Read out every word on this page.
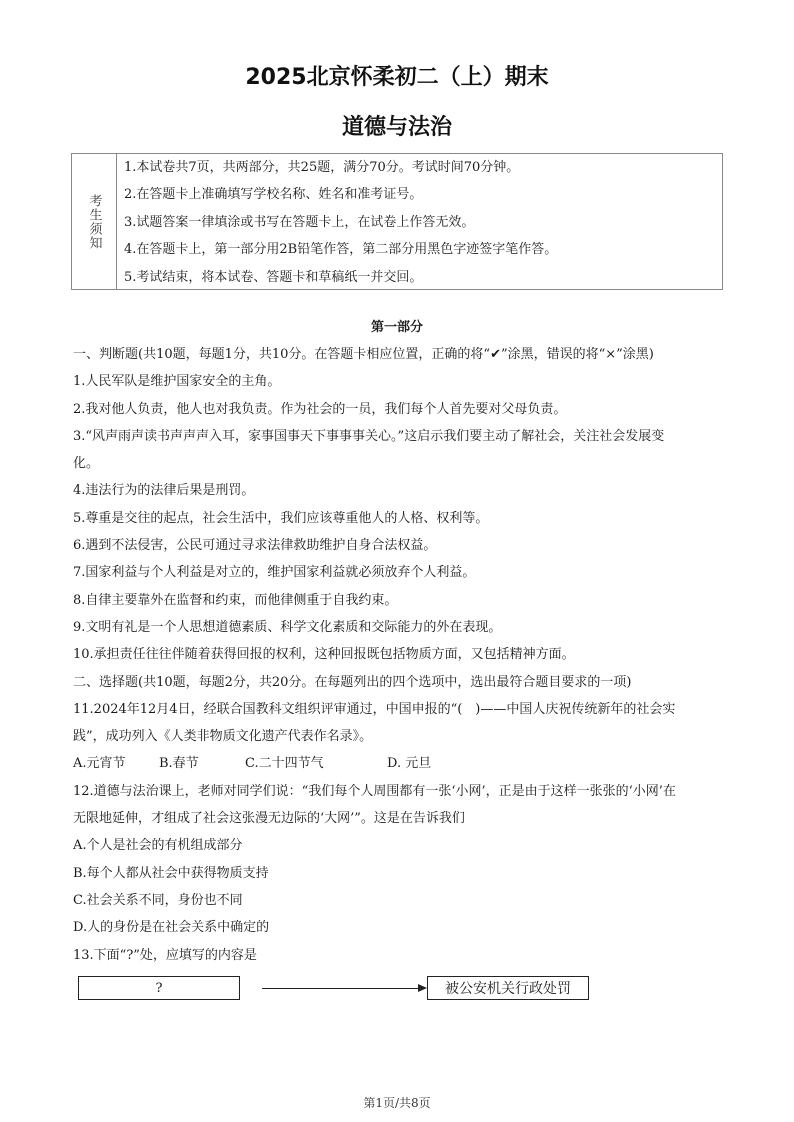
2025北京怀柔初二（上）期末
道德与法治
考生须知
1.本试卷共7页，共两部分，共25题，满分70分。考试时间70分钟。
2.在答题卡上准确填写学校名称、姓名和准考证号。
3.试题答案一律填涂或书写在答题卡上，在试卷上作答无效。
4.在答题卡上，第一部分用2B铅笔作答，第二部分用黑色字迹签字笔作答。
5.考试结束，将本试卷、答题卡和草稿纸一并交回。
第一部分
一、判断题(共10题，每题1分，共10分。在答题卡相应位置，正确的将“✔”涂黑，错误的将“×”涂黑)
1.人民军队是维护国家安全的主角。
2.我对他人负责，他人也对我负责。作为社会的一员，我们每个人首先要对父母负责。
3.“风声雨声读书声声声入耳，家事国事天下事事事关心。”这启示我们要主动了解社会，关注社会发展变
化。
4.违法行为的法律后果是刑罚。
5.尊重是交往的起点，社会生活中，我们应该尊重他人的人格、权利等。
6.遇到不法侵害，公民可通过寻求法律救助维护自身合法权益。
7.国家利益与个人利益是对立的，维护国家利益就必须放弃个人利益。
8.自律主要靠外在监督和约束，而他律侧重于自我约束。
9.文明有礼是一个人思想道德素质、科学文化素质和交际能力的外在表现。
10.承担责任往往伴随着获得回报的权利，这种回报既包括物质方面，又包括精神方面。
二、选择题(共10题，每题2分，共20分。在每题列出的四个选项中，选出最符合题目要求的一项)
11.2024年12月4日，经联合国教科文组织评审通过，中国申报的“(　)——中国人庆祝传统新年的社会实
践”，成功列入《人类非物质文化遗产代表作名录》。
A.元宵节	B.春节	C.二十四节气	D. 元旦
12.道德与法治课上，老师对同学们说：“我们每个人周围都有一张‘小网’，正是由于这样一张张的‘小网’在
无限地延伸，才组成了社会这张漫无边际的‘大网’”。这是在告诉我们
A.个人是社会的有机组成部分
B.每个人都从社会中获得物质支持
C.社会关系不同，身份也不同
D.人的身份是在社会关系中确定的
13.下面“?”处，应填写的内容是
?	被公安机关行政处罚
第1页/共8页
